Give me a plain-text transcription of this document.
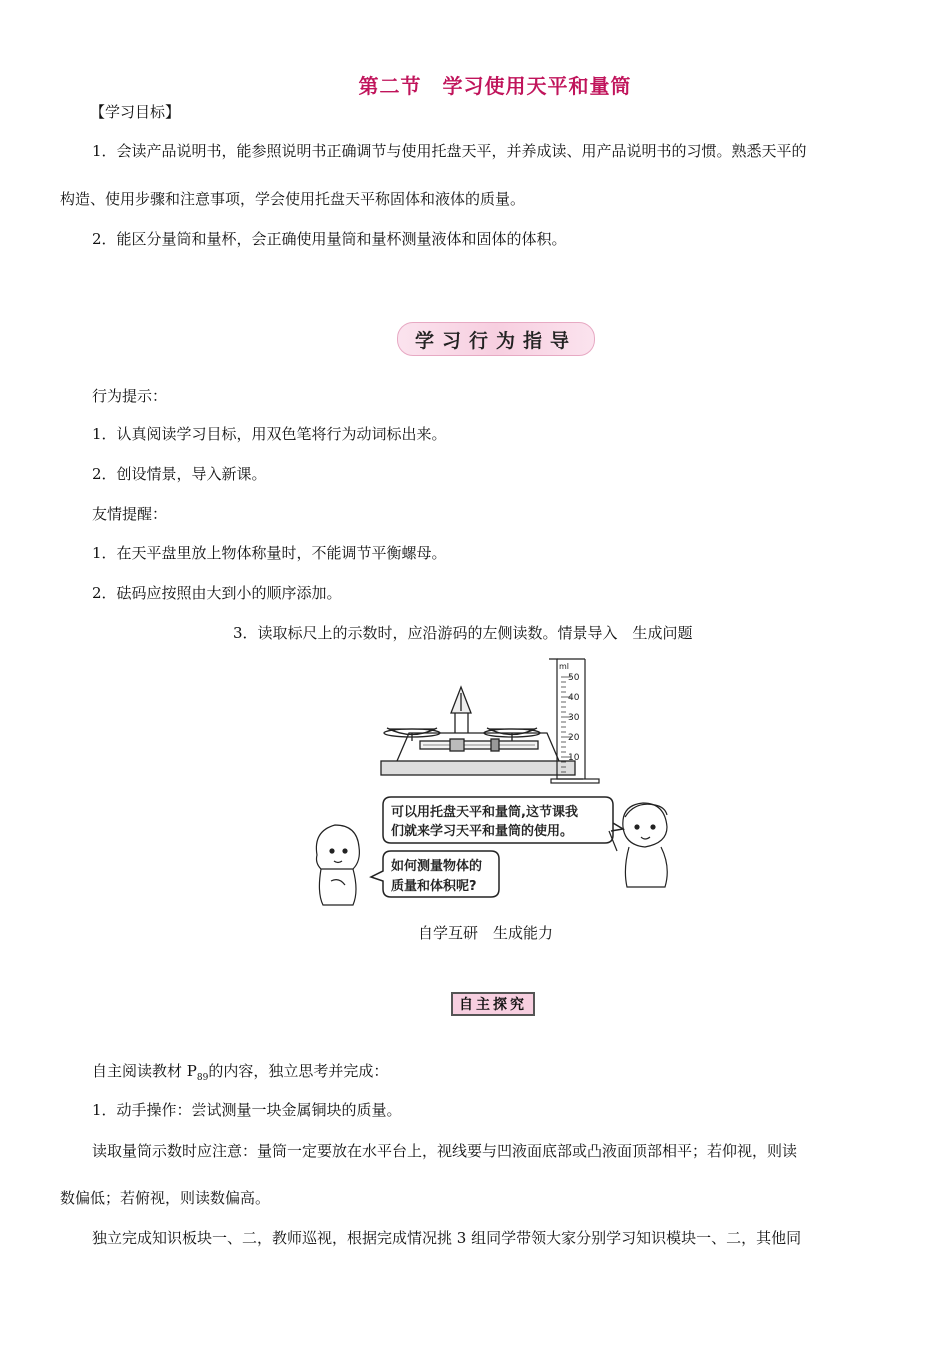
第二节　学习使用天平和量筒
【学习目标】
1．会读产品说明书，能参照说明书正确调节与使用托盘天平，并养成读、用产品说明书的习惯。熟悉天平的
构造、使用步骤和注意事项，学会使用托盘天平称固体和液体的质量。
2．能区分量筒和量杯，会正确使用量筒和量杯测量液体和固体的体积。
学习行为指导
行为提示：
1．认真阅读学习目标，用双色笔将行为动词标出来。
2．创设情景，导入新课。
友情提醒：
1．在天平盘里放上物体称量时，不能调节平衡螺母。
2．砝码应按照由大到小的顺序添加。
3．读取标尺上的示数时，应沿游码的左侧读数。情景导入　生成问题
ml
50
40
30
20
10
可以用托盘天平和量筒,这节课我
们就来学习天平和量筒的使用。
如何测量物体的
质量和体积呢?
自学互研　生成能力
自主探究
自主阅读教材 $P_{89}$的内容，独立思考并完成：
1．动手操作：尝试测量一块金属铜块的质量。
读取量筒示数时应注意：量筒一定要放在水平台上，视线要与凹液面底部或凸液面顶部相平；若仰视，则读
数偏低；若俯视，则读数偏高。
独立完成知识板块一、二，教师巡视，根据完成情况挑 3 组同学带领大家分别学习知识模块一、二，其他同
